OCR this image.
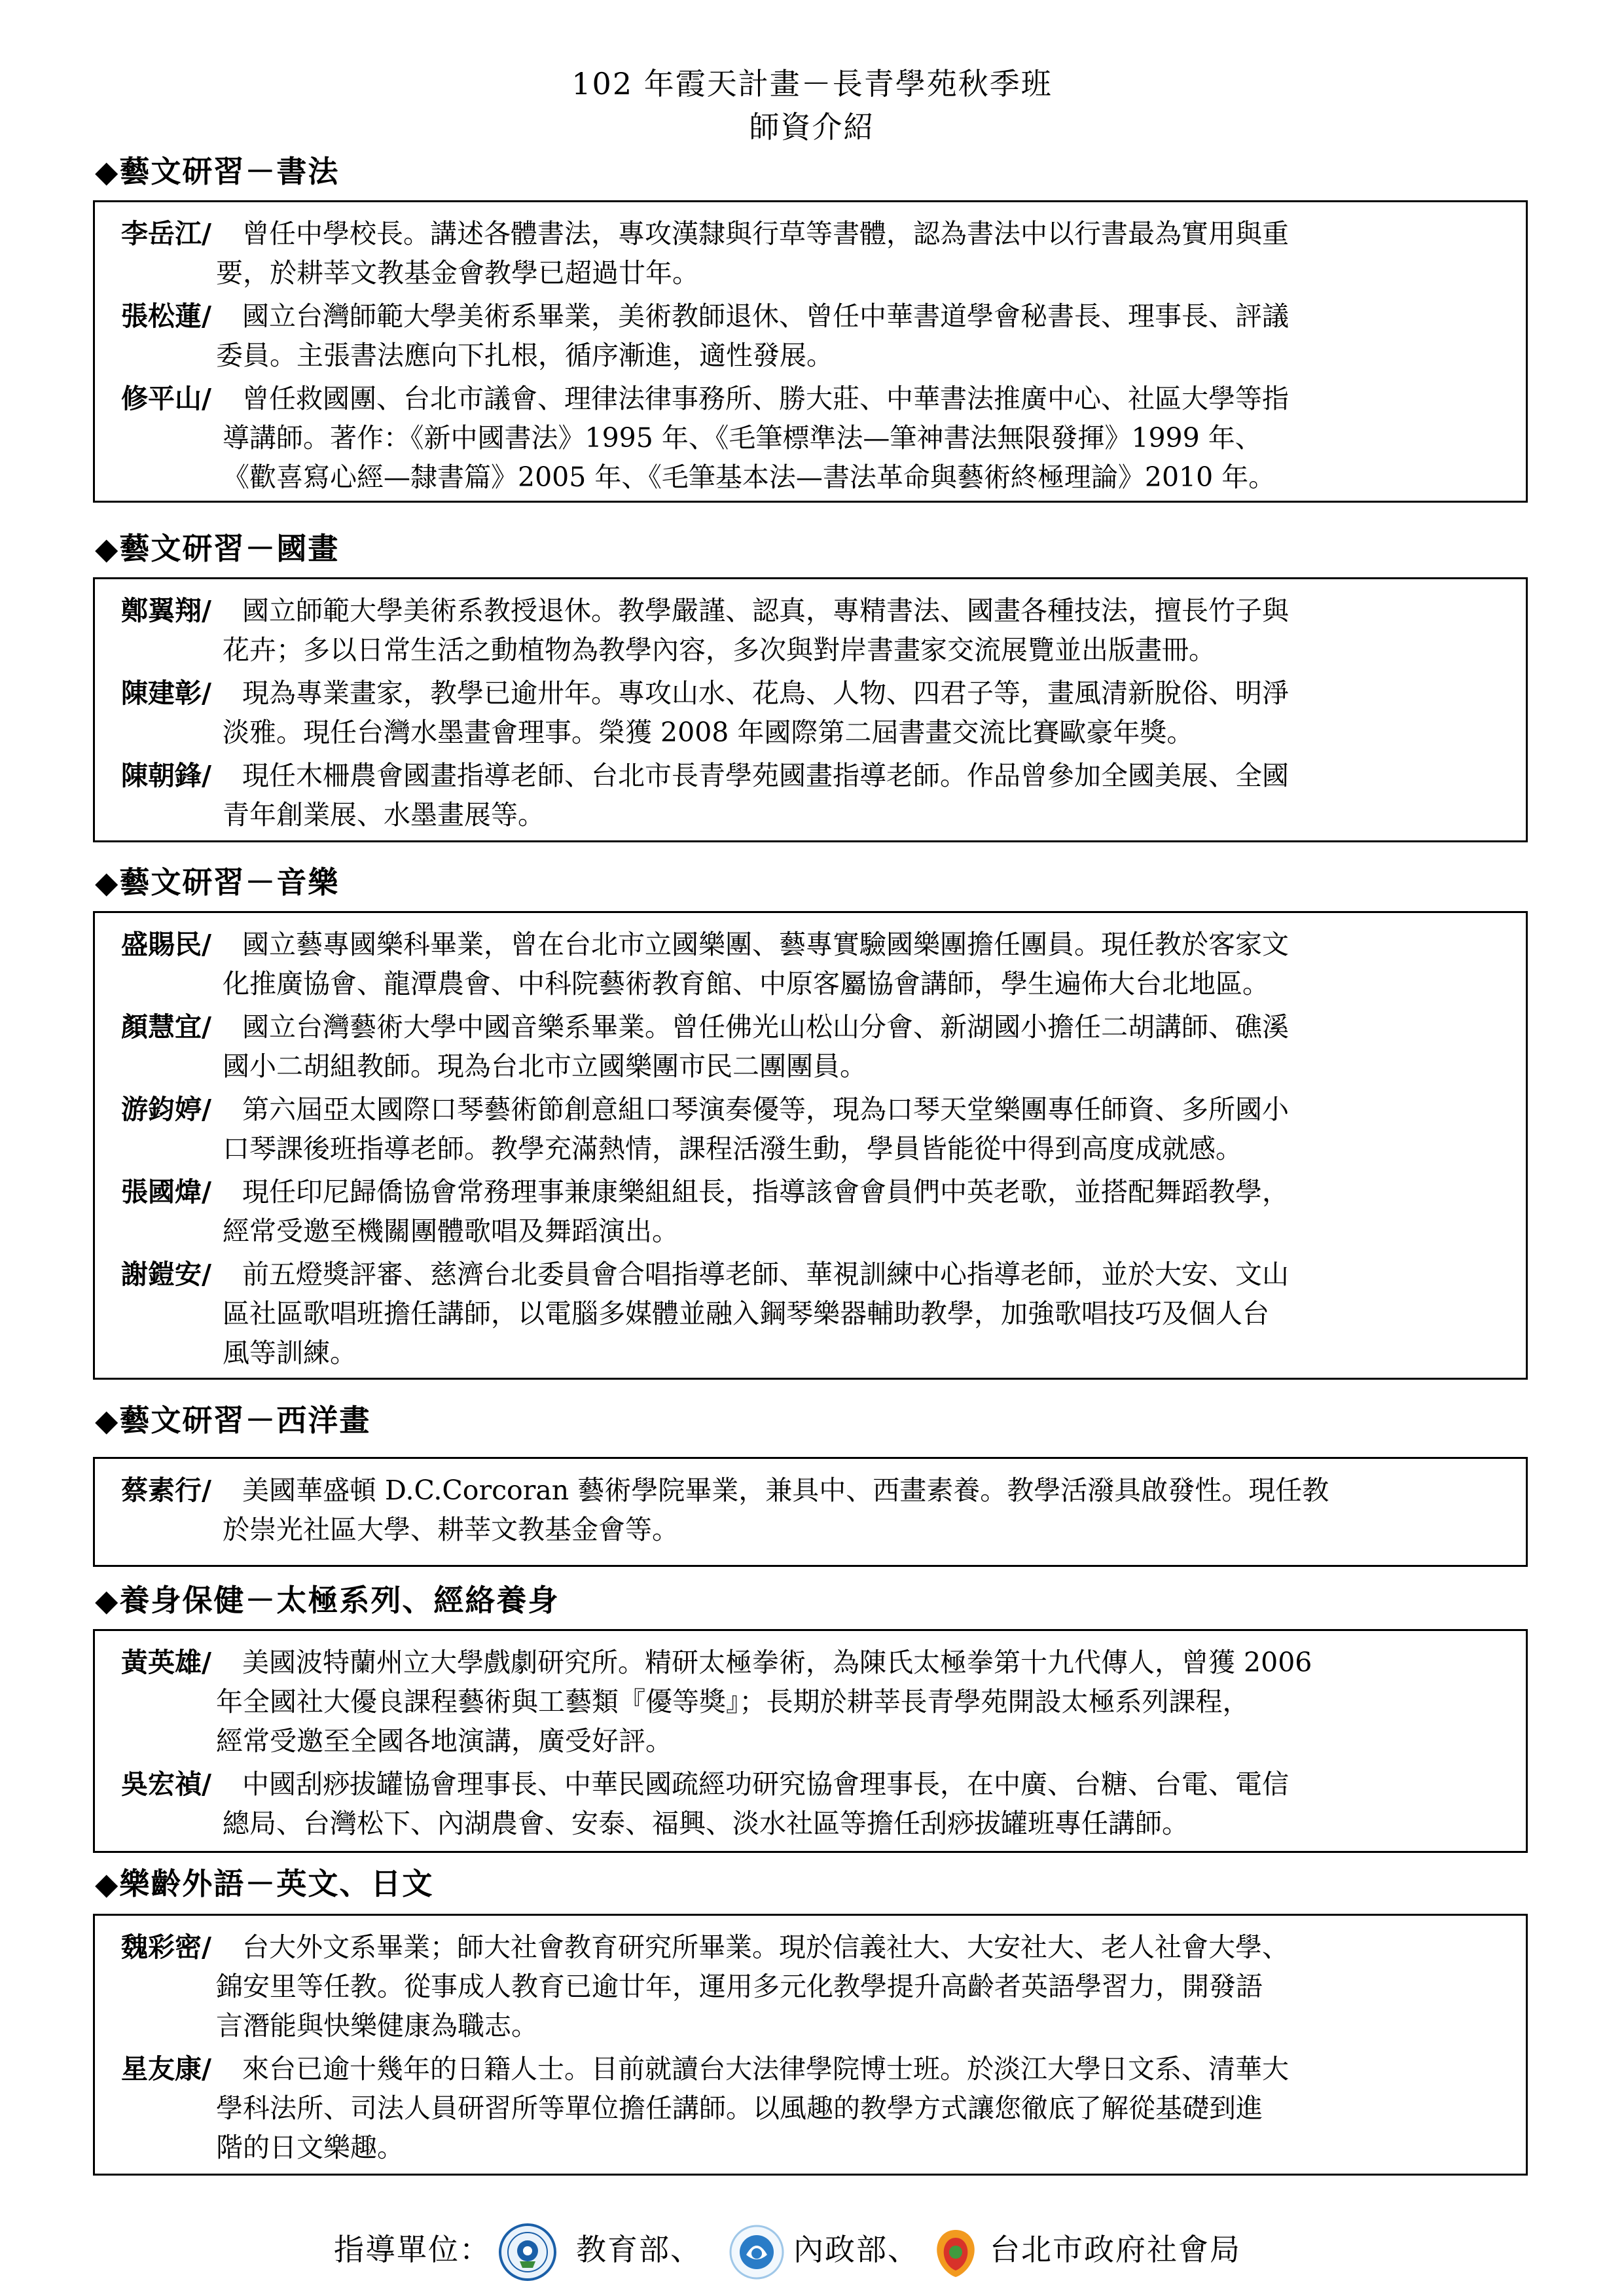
102 年霞天計畫－長青學苑秋季班
師資介紹
◆藝文研習－書法
李岳江/ 曾任中學校長。講述各體書法，專攻漢隸與行草等書體，認為書法中以行書最為實用與重
要，於耕莘文教基金會教學已超過廿年。
張松蓮/ 國立台灣師範大學美術系畢業，美術教師退休、曾任中華書道學會秘書長、理事長、評議
委員。主張書法應向下扎根，循序漸進，適性發展。
修平山/ 曾任救國團、台北市議會、理律法律事務所、勝大莊、中華書法推廣中心、社區大學等指
導講師。著作：《新中國書法》1995 年、《毛筆標準法—筆神書法無限發揮》1999 年、
《歡喜寫心經—隸書篇》2005 年、《毛筆基本法—書法革命與藝術終極理論》2010 年。
◆藝文研習－國畫
鄭翼翔/ 國立師範大學美術系教授退休。教學嚴謹、認真，專精書法、國畫各種技法，擅長竹子與
花卉；多以日常生活之動植物為教學內容，多次與對岸書畫家交流展覽並出版畫冊。
陳建彰/ 現為專業畫家，教學已逾卅年。專攻山水、花鳥、人物、四君子等，畫風清新脫俗、明淨
淡雅。現任台灣水墨畫會理事。榮獲 2008 年國際第二屆書畫交流比賽歐豪年獎。
陳朝鋒/ 現任木柵農會國畫指導老師、台北市長青學苑國畫指導老師。作品曾參加全國美展、全國
青年創業展、水墨畫展等。
◆藝文研習－音樂
盛賜民/ 國立藝專國樂科畢業，曾在台北市立國樂團、藝專實驗國樂團擔任團員。現任教於客家文
化推廣協會、龍潭農會、中科院藝術教育館、中原客屬協會講師，學生遍佈大台北地區。
顏慧宜/ 國立台灣藝術大學中國音樂系畢業。曾任佛光山松山分會、新湖國小擔任二胡講師、礁溪
國小二胡組教師。現為台北市立國樂團市民二團團員。
游鈞婷/ 第六屆亞太國際口琴藝術節創意組口琴演奏優等，現為口琴天堂樂團專任師資、多所國小
口琴課後班指導老師。教學充滿熱情，課程活潑生動，學員皆能從中得到高度成就感。
張國煒/ 現任印尼歸僑協會常務理事兼康樂組組長，指導該會會員們中英老歌，並搭配舞蹈教學，
經常受邀至機關團體歌唱及舞蹈演出。
謝鎧安/ 前五燈獎評審、慈濟台北委員會合唱指導老師、華視訓練中心指導老師，並於大安、文山
區社區歌唱班擔任講師，以電腦多媒體並融入鋼琴樂器輔助教學，加強歌唱技巧及個人台
風等訓練。
◆藝文研習－西洋畫
蔡素行/ 美國華盛頓 D.C.Corcoran 藝術學院畢業，兼具中、西畫素養。教學活潑具啟發性。現任教
於崇光社區大學、耕莘文教基金會等。
◆養身保健－太極系列、經絡養身
黃英雄/ 美國波特蘭州立大學戲劇研究所。精研太極拳術，為陳氏太極拳第十九代傳人，曾獲 2006
年全國社大優良課程藝術與工藝類『優等獎』；長期於耕莘長青學苑開設太極系列課程，
經常受邀至全國各地演講，廣受好評。
吳宏禎/ 中國刮痧拔罐協會理事長、中華民國疏經功研究協會理事長，在中廣、台糖、台電、電信
總局、台灣松下、內湖農會、安泰、福興、淡水社區等擔任刮痧拔罐班專任講師。
◆樂齡外語－英文、日文
魏彩密/ 台大外文系畢業；師大社會教育研究所畢業。現於信義社大、大安社大、老人社會大學、
錦安里等任教。從事成人教育已逾廿年，運用多元化教學提升高齡者英語學習力，開發語
言潛能與快樂健康為職志。
星友康/ 來台已逾十幾年的日籍人士。目前就讀台大法律學院博士班。於淡江大學日文系、清華大
學科法所、司法人員研習所等單位擔任講師。以風趣的教學方式讓您徹底了解從基礎到進
階的日文樂趣。
指導單位：	教育部、	內政部、 台北市政府社會局
